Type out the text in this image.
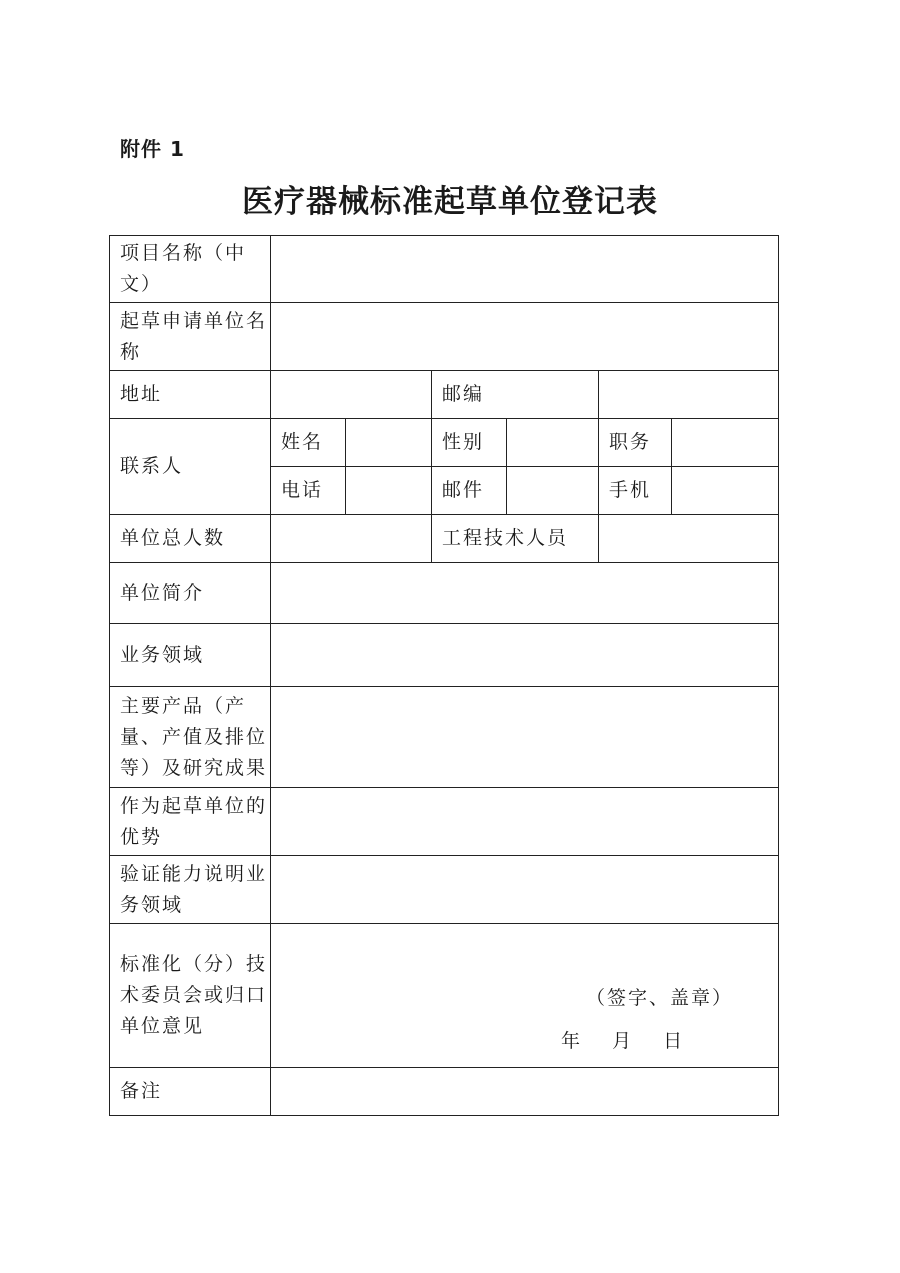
附件 1
医疗器械标准起草单位登记表
项目名称（中文）						
起草申请单位名称						
地址			邮编			
联系人	姓名		性别		职务	
	电话		邮件		手机	
单位总人数			工程技术人员			
单位简介						
业务领域						
主要产品（产量、产值及排位等）及研究成果						
作为起草单位的优势						
验证能力说明业务领域						
标准化（分）技术委员会或归口单位意见	（签字、盖章）
年 月 日					

备注						
